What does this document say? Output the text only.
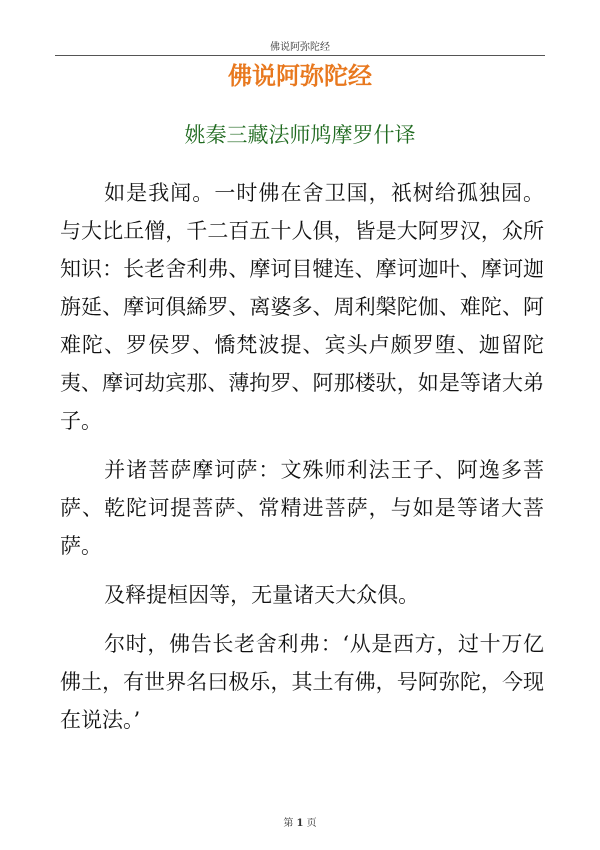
佛说阿弥陀经
佛说阿弥陀经
姚秦三藏法师鸠摩罗什译

如是我闻。一时佛在舍卫国，祇树给孤独园。与大比丘僧，千二百五十人俱，皆是大阿罗汉，众所知识：长老舍利弗、摩诃目犍连、摩诃迦叶、摩诃迦旃延、摩诃俱絺罗、离婆多、周利槃陀伽、难陀、阿难陀、罗侯罗、憍梵波提、宾头卢颇罗堕、迦留陀夷、摩诃劫宾那、薄拘罗、阿那楼驮，如是等诸大弟子。

并诸菩萨摩诃萨：文殊师利法王子、阿逸多菩萨、乾陀诃提菩萨、常精进菩萨，与如是等诸大菩萨。

及释提桓因等，无量诸天大众俱。

尔时，佛告长老舍利弗：‘从是西方，过十万亿佛土，有世界名曰极乐，其土有佛，号阿弥陀，今现在说法。’

第 1 页
